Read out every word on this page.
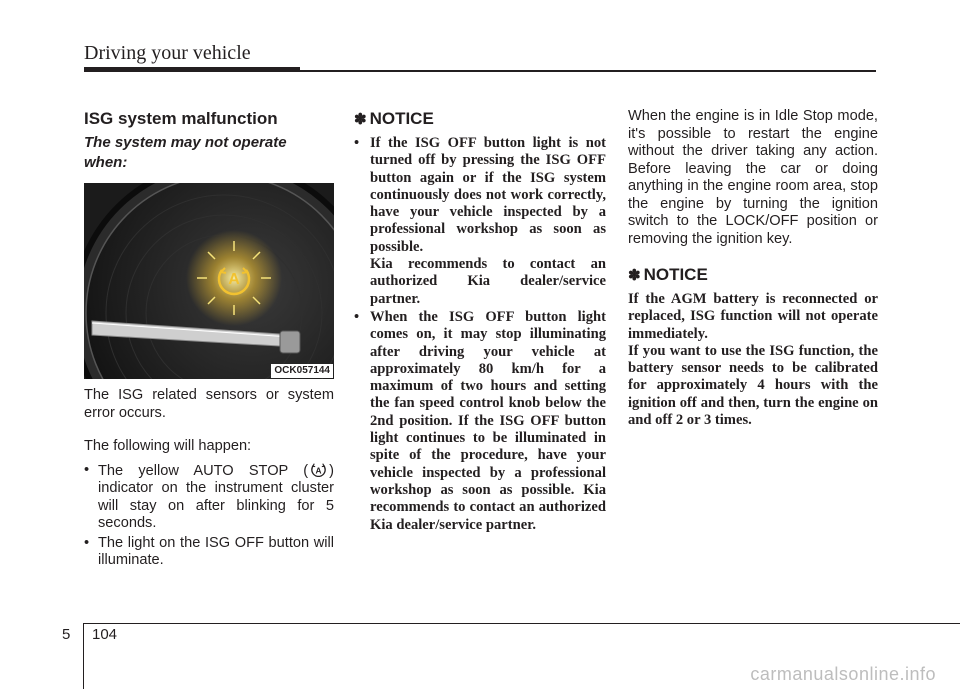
Driving your vehicle
ISG system malfunction

The system may not operate when:

A
OCK057144

The ISG related sensors or system error occurs.

The following will happen:

• The yellow AUTO STOP ( A ) indicator on the instrument cluster will stay on after blinking for 5 seconds.
• The light on the ISG OFF button will illuminate.
✽ NOTICE
• If the ISG OFF button light is not turned off by pressing the ISG OFF button again or if the ISG system continuously does not work correctly, have your vehicle inspected by a professional workshop as soon as possible.
Kia recommends to contact an authorized Kia dealer/service partner.
• When the ISG OFF button light comes on, it may stop illuminating after driving your vehicle at approximately 80 km/h for a maximum of two hours and setting the fan speed control knob below the 2nd position. If the ISG OFF button light continues to be illuminated in spite of the procedure, have your vehicle inspected by a professional workshop as soon as possible. Kia recommends to contact an authorized Kia dealer/service partner.

When the engine is in Idle Stop mode, it's possible to restart the engine without the driver taking any action. Before leaving the car or doing anything in the engine room area, stop the engine by turning the ignition switch to the LOCK/OFF position or removing the ignition key.

✽ NOTICE

If the AGM battery is reconnected or replaced, ISG function will not operate immediately.

If you want to use the ISG function, the battery sensor needs to be calibrated for approximately 4 hours with the ignition off and then, turn the engine on and off 2 or 3 times.

5 104
carmanualsonline.info
